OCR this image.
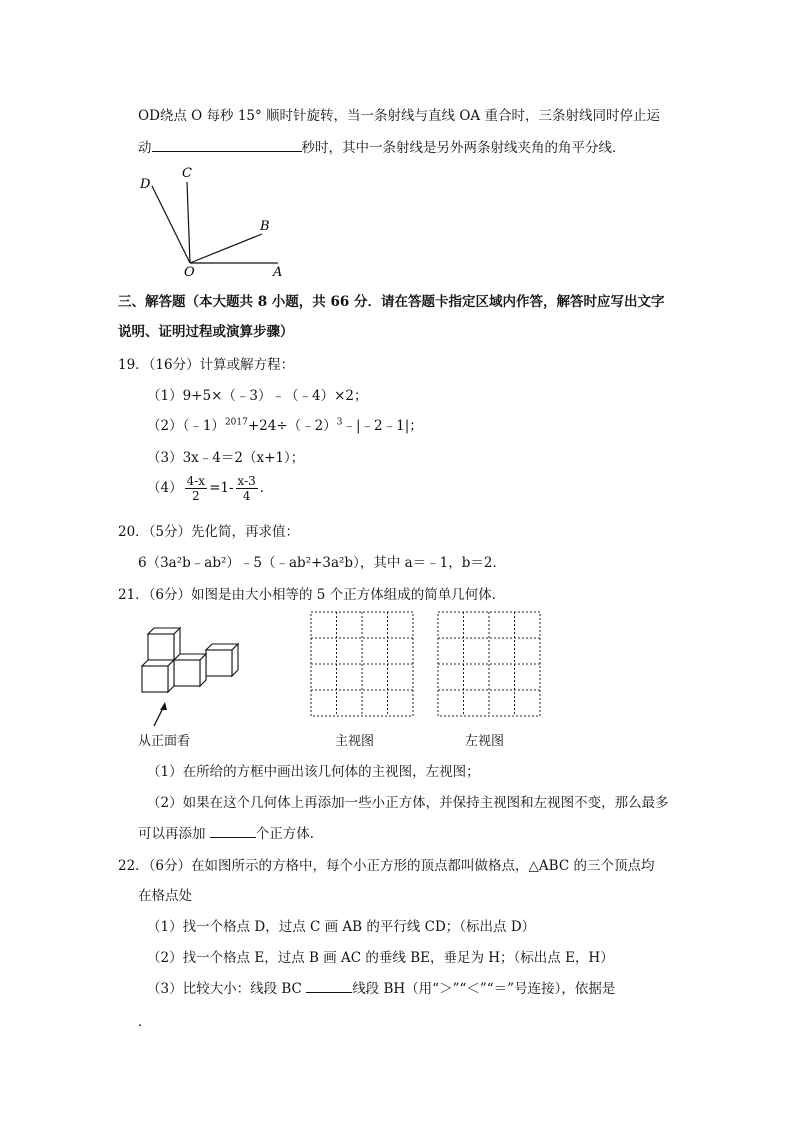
OD绕点 O 每秒 15° 顺时针旋转，当一条射线与直线 OA 重合时，三条射线同时停止运
动	秒时，其中一条射线是另外两条射线夹角的角平分线．
C
D
B
O	A
三、解答题（本大题共 8 小题，共 66 分．请在答题卡指定区域内作答，解答时应写出文字
说明、证明过程或演算步骤）
19．（16分）计算或解方程：
（1）9+5×（﹣3）﹣（﹣4）×2；
（2）（﹣1）$^{2017}$+24÷（﹣2）$^3$﹣|﹣2﹣1|；
（3）3x﹣4＝2（x+1）；
$(4) \frac{4-x}{2} =1- \frac{x-3}{4}$ ．
20．（5分）先化简，再求值：
6（3a²b﹣ab²）﹣5（﹣ab²+3a²b），其中 a＝﹣1，b＝2．
21．（6分）如图是由大小相等的 5 个正方体组成的简单几何体．
从正面看	主视图	左视图
（1）在所给的方框中画出该几何体的主视图，左视图；
（2）如果在这个几何体上再添加一些小正方体，并保持主视图和左视图不变，那么最多
可以再添加	个正方体．
22．（6分）在如图所示的方格中，每个小正方形的顶点都叫做格点，△ABC 的三个顶点均
在格点处
（1）找一个格点 D，过点 C 画 AB 的平行线 CD；（标出点 D）
（2）找一个格点 E，过点 B 画 AC 的垂线 BE，垂足为 H；（标出点 E，H）
（3）比较大小：线段 BC	线段 BH（用“＞”“＜”“＝”号连接），依据是
．
